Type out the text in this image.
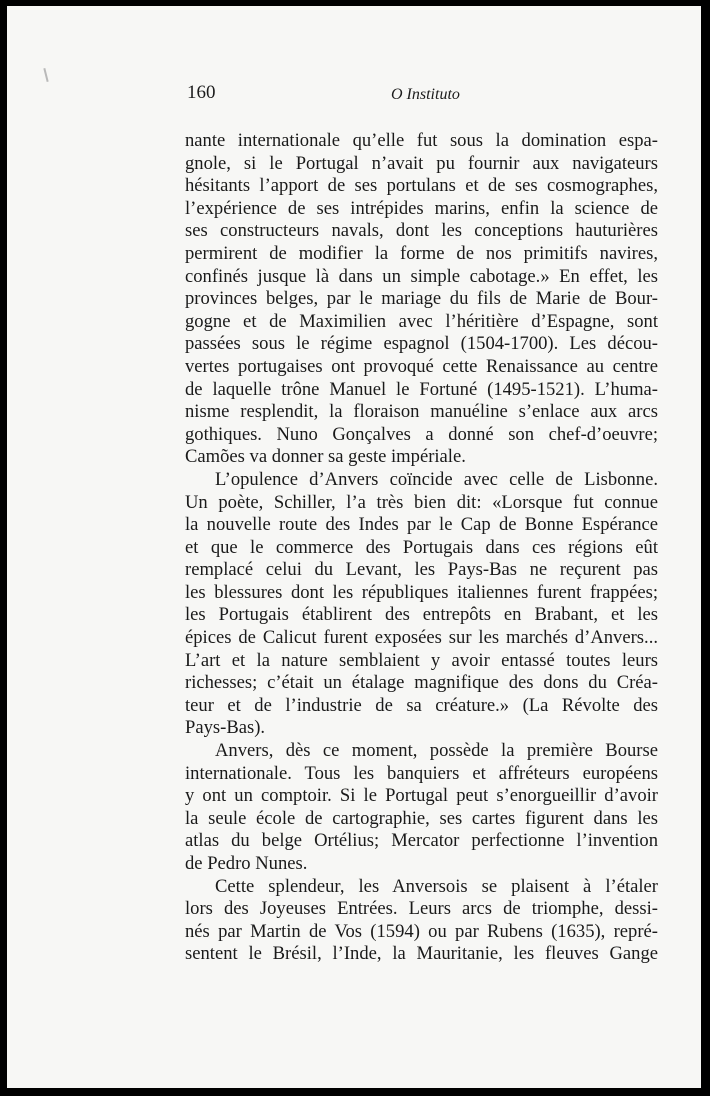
160	O Instituto
nante internationale qu’elle fut sous la domination espa-
gnole, si le Portugal n’avait pu fournir aux navigateurs
hésitants l’apport de ses portulans et de ses cosmographes,
l’expérience de ses intrépides marins, enfin la science de
ses constructeurs navals, dont les conceptions hauturières
permirent de modifier la forme de nos primitifs navires,
confinés jusque là dans un simple cabotage.» En effet, les
provinces belges, par le mariage du fils de Marie de Bour-
gogne et de Maximilien avec l’héritière d’Espagne, sont
passées sous le régime espagnol (1504-1700). Les décou-
vertes portugaises ont provoqué cette Renaissance au centre
de laquelle trône Manuel le Fortuné (1495-1521). L’huma-
nisme resplendit, la floraison manuéline s’enlace aux arcs
gothiques. Nuno Gonçalves a donné son chef-d’oeuvre;
Camões va donner sa geste impériale.
L’opulence d’Anvers coïncide avec celle de Lisbonne.
Un poète, Schiller, l’a très bien dit: «Lorsque fut connue
la nouvelle route des Indes par le Cap de Bonne Espérance
et que le commerce des Portugais dans ces régions eût
remplacé celui du Levant, les Pays-Bas ne reçurent pas
les blessures dont les républiques italiennes furent frappées;
les Portugais établirent des entrepôts en Brabant, et les
épices de Calicut furent exposées sur les marchés d’Anvers...
L’art et la nature semblaient y avoir entassé toutes leurs
richesses; c’était un étalage magnifique des dons du Créa-
teur et de l’industrie de sa créature.» (La Révolte des
Pays-Bas).
Anvers, dès ce moment, possède la première Bourse
internationale. Tous les banquiers et affréteurs européens
y ont un comptoir. Si le Portugal peut s’enorgueillir d’avoir
la seule école de cartographie, ses cartes figurent dans les
atlas du belge Ortélius; Mercator perfectionne l’invention
de Pedro Nunes.
Cette splendeur, les Anversois se plaisent à l’étaler
lors des Joyeuses Entrées. Leurs arcs de triomphe, dessi-
nés par Martin de Vos (1594) ou par Rubens (1635), repré-
sentent le Brésil, l’Inde, la Mauritanie, les fleuves Gange
